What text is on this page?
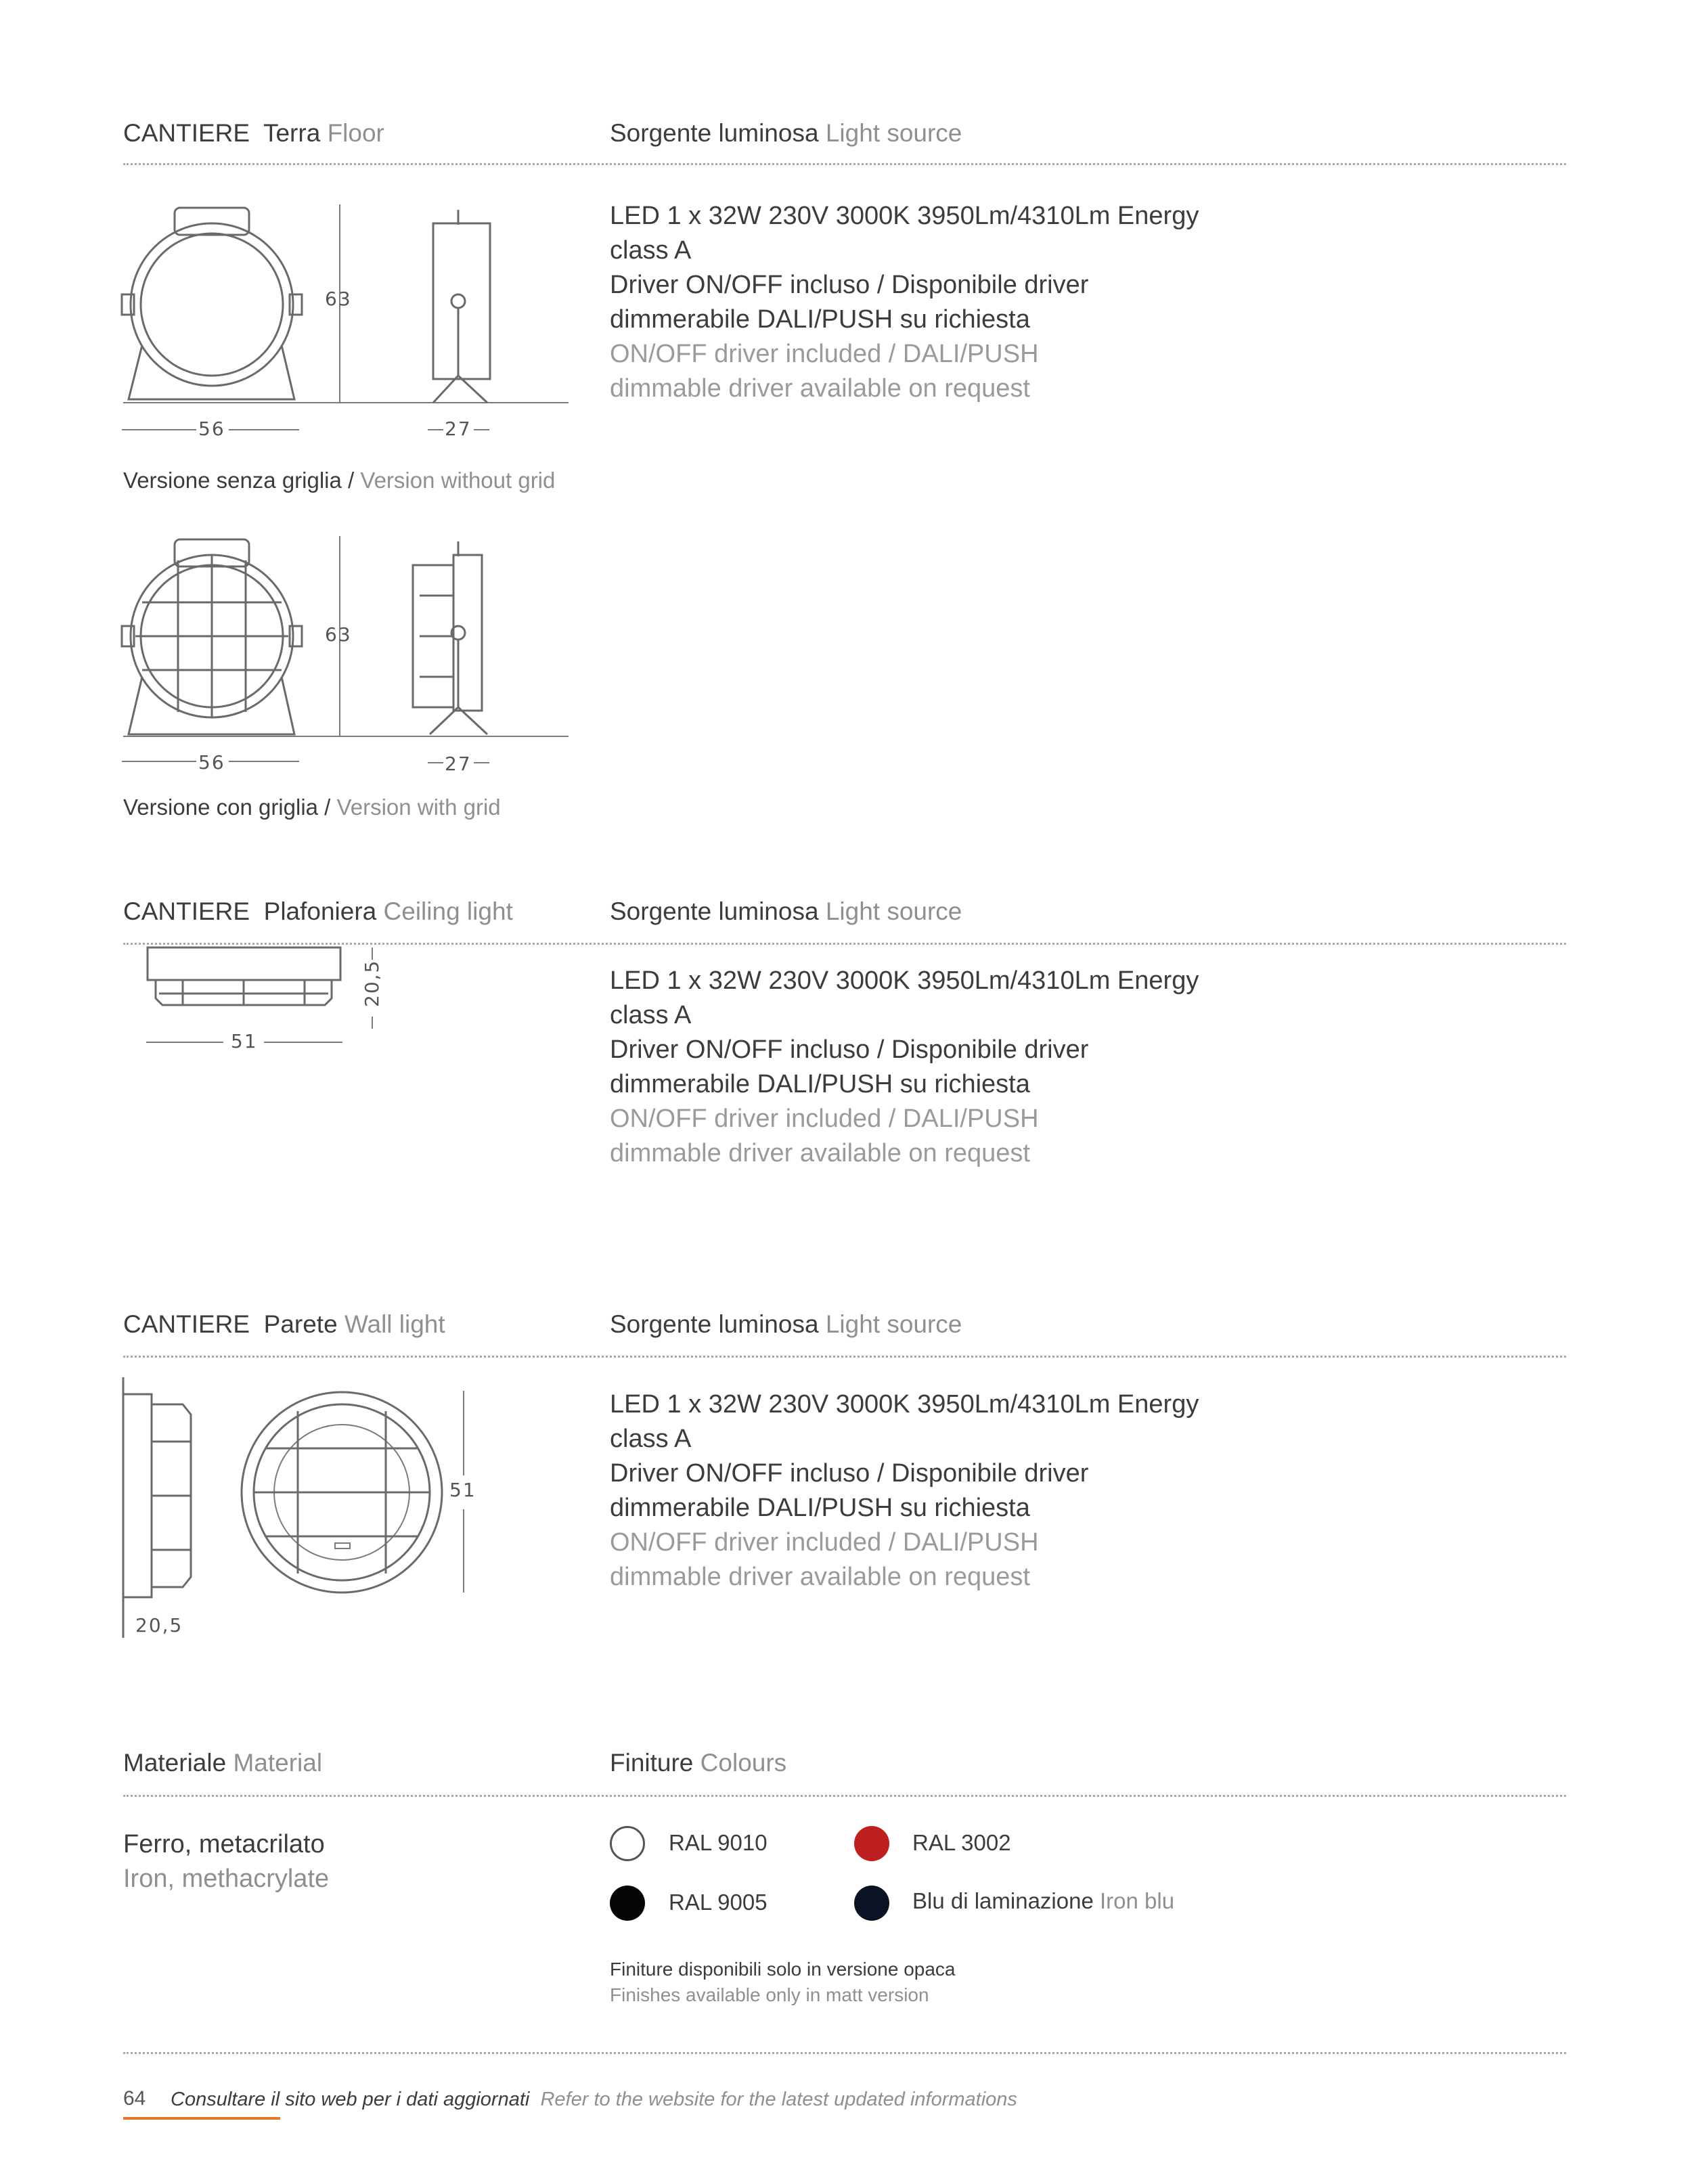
CANTIERE Terra Floor	Sorgente luminosa Light source
LED 1 x 32W 230V 3000K 3950Lm/4310Lm Energy
class A
Driver ON/OFF incluso / Disponibile driver
dimmerabile DALI/PUSH su richiesta
ON/OFF driver included / DALI/PUSH
dimmable driver available on request
63
56	27
Versione senza griglia / Version without grid
63
56	27
Versione con griglia / Version with grid
CANTIERE Plafoniera Ceiling light	Sorgente luminosa Light source
LED 1 x 32W 230V 3000K 3950Lm/4310Lm Energy
class A
Driver ON/OFF incluso / Disponibile driver
dimmerabile DALI/PUSH su richiesta
ON/OFF driver included / DALI/PUSH
dimmable driver available on request
20,5
51
CANTIERE Parete Wall light	Sorgente luminosa Light source
LED 1 x 32W 230V 3000K 3950Lm/4310Lm Energy
class A
Driver ON/OFF incluso / Disponibile driver
dimmerabile DALI/PUSH su richiesta
ON/OFF driver included / DALI/PUSH
dimmable driver available on request
51
20,5
Materiale Material	Finiture Colours
Ferro, metacrilato
Iron, methacrylate
RAL 9010	RAL 3002
RAL 9005	Blu di laminazione Iron blu
Finiture disponibili solo in versione opaca
Finishes available only in matt version
64 Consultare il sito web per i dati aggiornati Refer to the website for the latest updated informations
